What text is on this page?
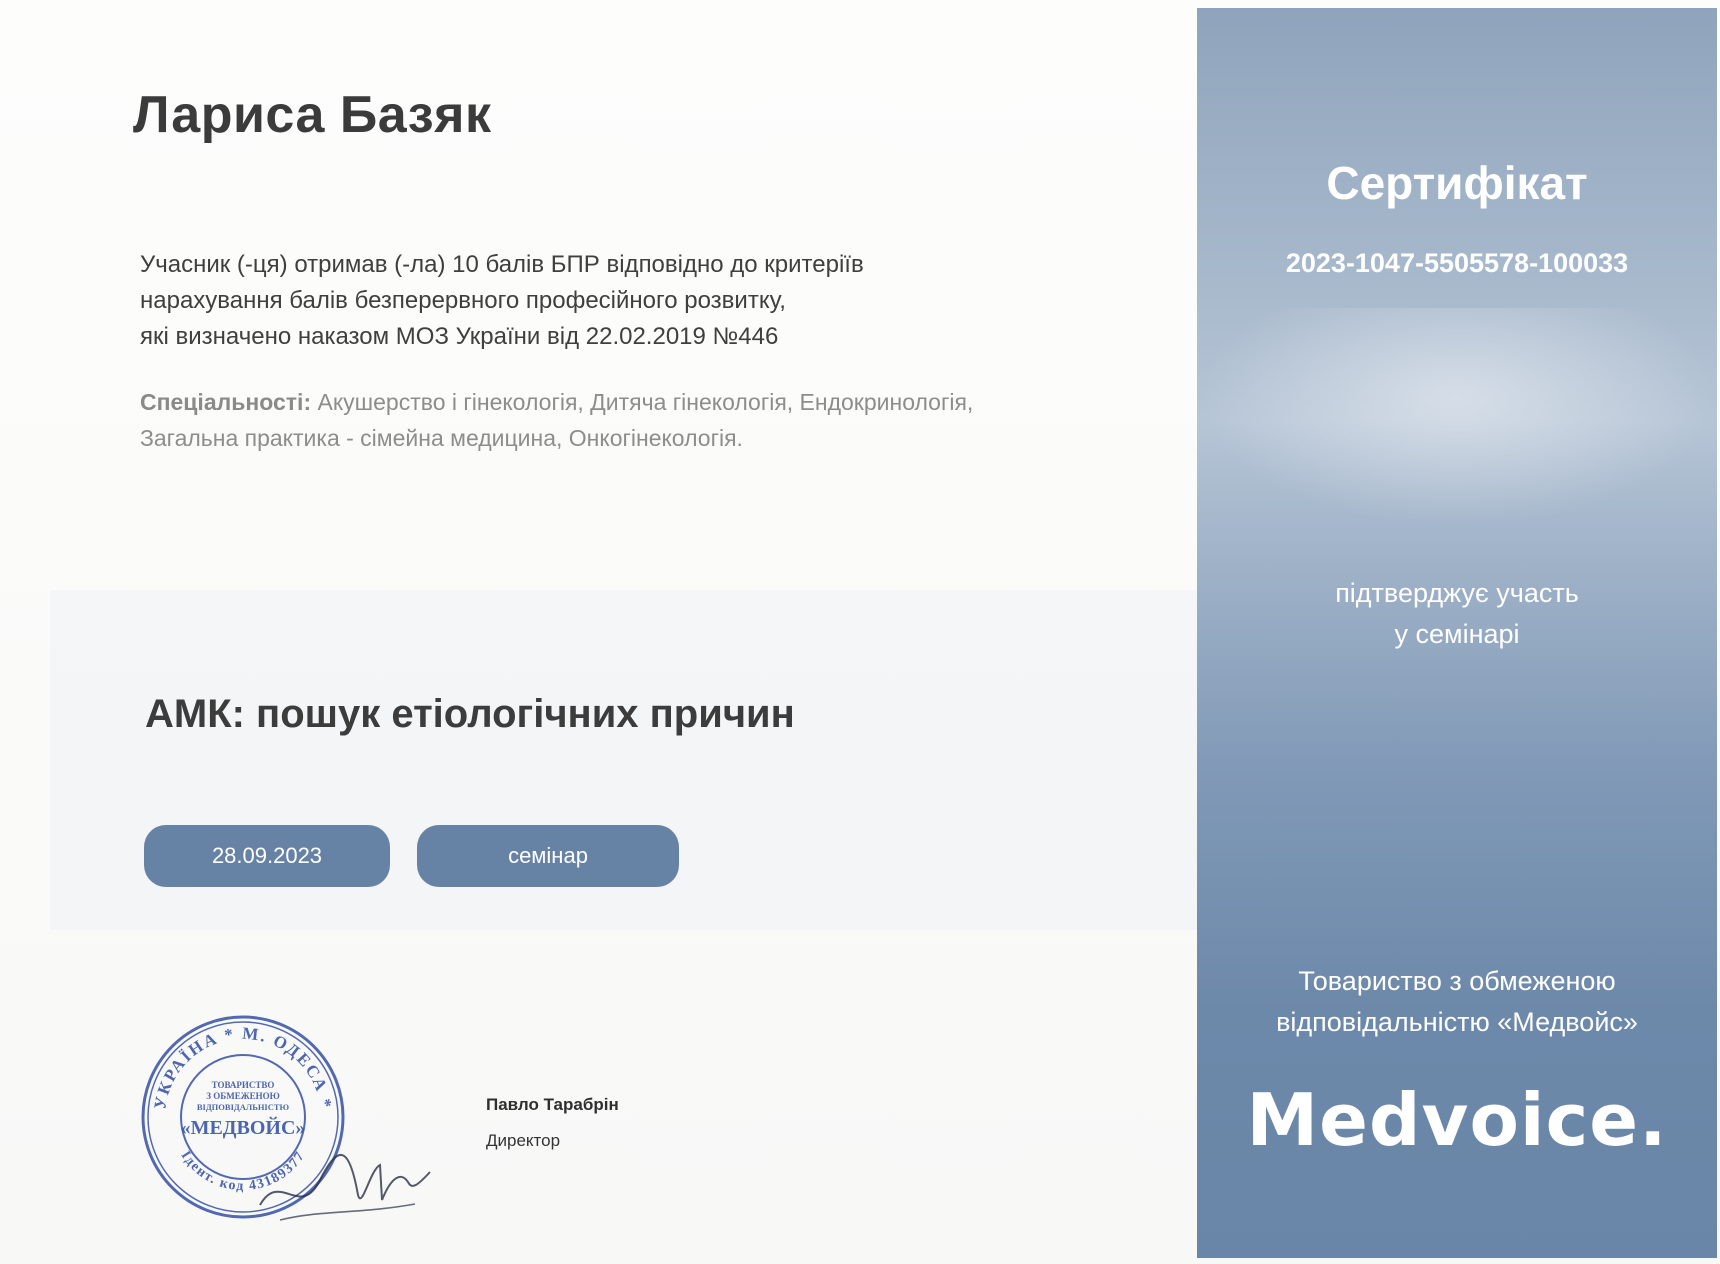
Лариса Базяк
Учасник (-ця) отримав (-ла) 10 балів БПР відповідно до критеріїв
нарахування балів безперервного професійного розвитку,
які визначено наказом МОЗ України від 22.02.2019 №446
Спеціальності: Акушерство і гінекологія, Дитяча гінекологія, Ендокринологія,
Загальна практика - сімейна медицина, Онкогінекологія.
АМК: пошук етіологічних причин
28.09.2023	семінар
УКРАЇНА * М. ОДЕСА *
Ідент. код 43189377
ТОВАРИСТВО
З ОБМЕЖЕНОЮ
ВІДПОВІДАЛЬНІСТЮ
«МЕДВОЙС»
Павло Тарабрін
Директор
Сертифікат
2023-1047-5505578-100033
підтверджує участь
у семінарі
Товариство з обмеженою
відповідальністю «Медвойс»
Medvoice.
